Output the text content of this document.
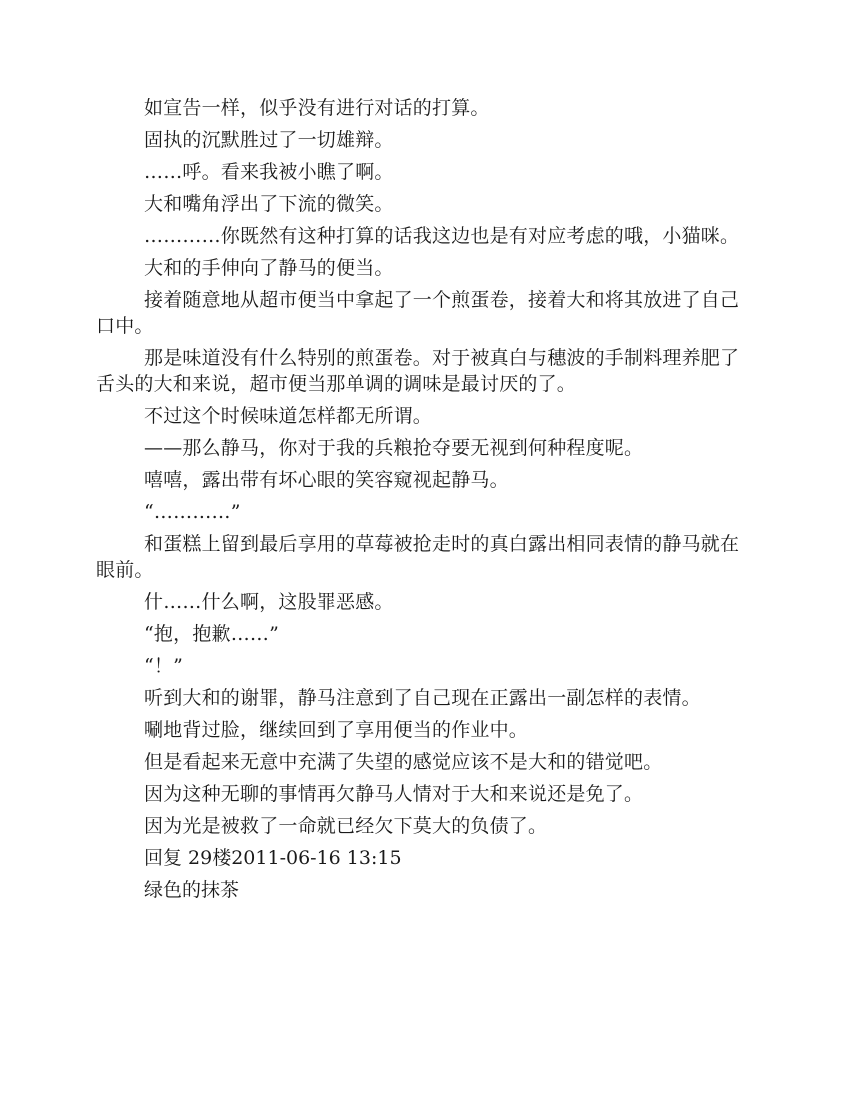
如宣告一样，似乎没有进行对话的打算。

固执的沉默胜过了一切雄辩。

……呼。看来我被小瞧了啊。

大和嘴角浮出了下流的微笑。

…………你既然有这种打算的话我这边也是有对应考虑的哦，小猫咪。

大和的手伸向了静马的便当。

接着随意地从超市便当中拿起了一个煎蛋卷，接着大和将其放进了自己口中。

那是味道没有什么特别的煎蛋卷。对于被真白与穗波的手制料理养肥了舌头的大和来说，超市便当那单调的调味是最讨厌的了。

不过这个时候味道怎样都无所谓。

——那么静马，你对于我的兵粮抢夺要无视到何种程度呢。

嘻嘻，露出带有坏心眼的笑容窥视起静马。

“…………”

和蛋糕上留到最后享用的草莓被抢走时的真白露出相同表情的静马就在眼前。

什……什么啊，这股罪恶感。

“抱，抱歉……”

“！”

听到大和的谢罪，静马注意到了自己现在正露出一副怎样的表情。

唰地背过脸，继续回到了享用便当的作业中。

但是看起来无意中充满了失望的感觉应该不是大和的错觉吧。

因为这种无聊的事情再欠静马人情对于大和来说还是免了。

因为光是被救了一命就已经欠下莫大的负债了。

回复 29楼2011-06-16 13:15

绿色的抹茶
